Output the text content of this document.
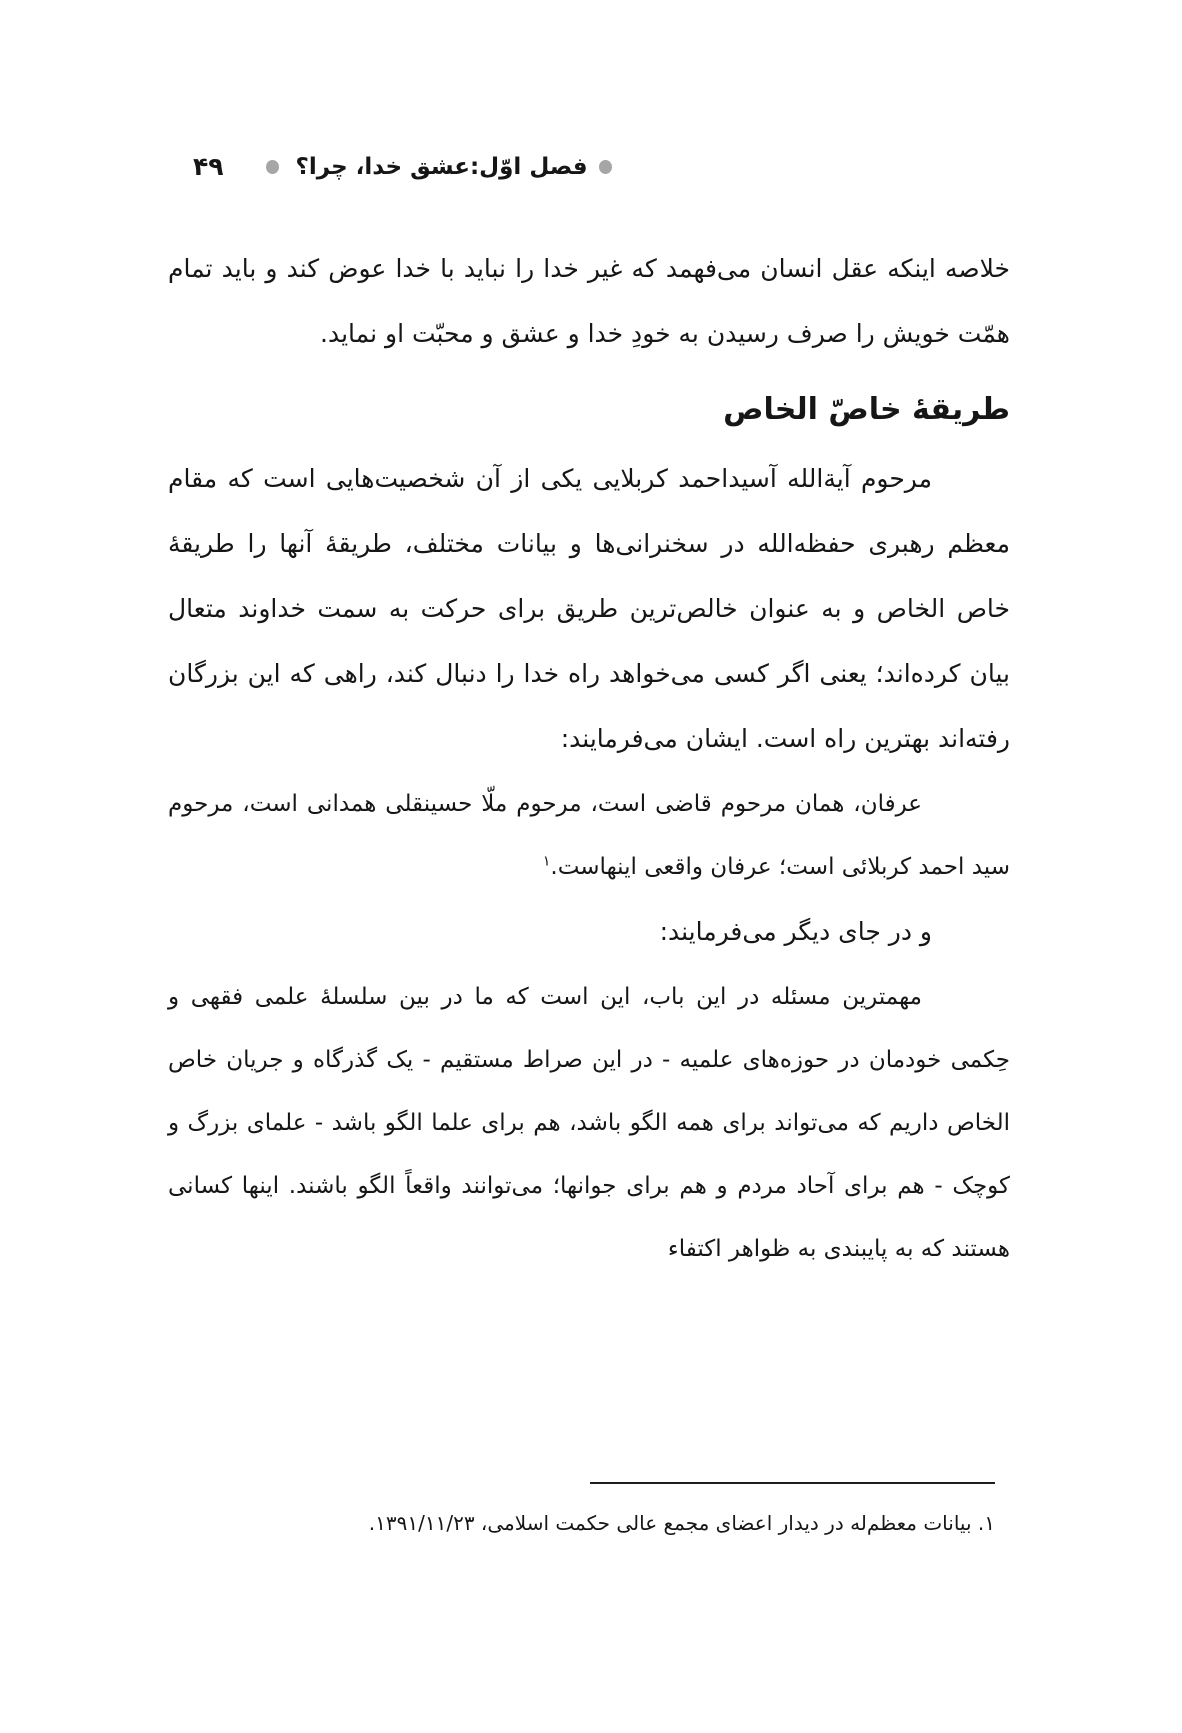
۴۹	فصل اوّل:عشق خدا، چرا؟

خلاصه اینکه عقل انسان می‌فهمد که غیر خدا را نباید با خدا عوض کند و باید تمام همّت خویش را صرف رسیدن به خودِ خدا و عشق و محبّت او نماید.

طریقهٔ خاصّ الخاص

مرحوم آیة‌الله آسیداحمد کربلایی یکی از آن شخصیت‌هایی است که مقام معظم رهبری حفظه‌الله در سخنرانی‌ها و بیانات مختلف، طریقهٔ آنها را طریقهٔ خاص الخاص و به عنوان خالص‌ترین طریق برای حرکت به سمت خداوند متعال بیان کرده‌اند؛ یعنی اگر کسی می‌خواهد راه خدا را دنبال کند، راهی که این بزرگان رفته‌اند بهترین راه است. ایشان می‌فرمایند:

عرفان، همان مرحوم قاضی است، مرحوم ملّا حسینقلی همدانی است، مرحوم سید احمد کربلائی است؛ عرفان واقعی اینهاست.$^۱$

و در جای دیگر می‌فرمایند:

مهمترین مسئله در این باب، این است که ما در بین سلسلهٔ علمی فقهی و حِکمی خودمان در حوزه‌های علمیه - در این صراط مستقیم - یک گذرگاه و جریان خاص الخاص داریم که می‌تواند برای همه الگو باشد، هم برای علما الگو باشد - علمای بزرگ و کوچک - هم برای آحاد مردم و هم برای جوانها؛ می‌توانند واقعاً الگو باشند. اینها کسانی هستند که به پایبندی به ظواهر اکتفاء

۱. بیانات معظم‌له در دیدار اعضای مجمع عالی حکمت اسلامی، ۱۳۹۱/۱۱/۲۳.
